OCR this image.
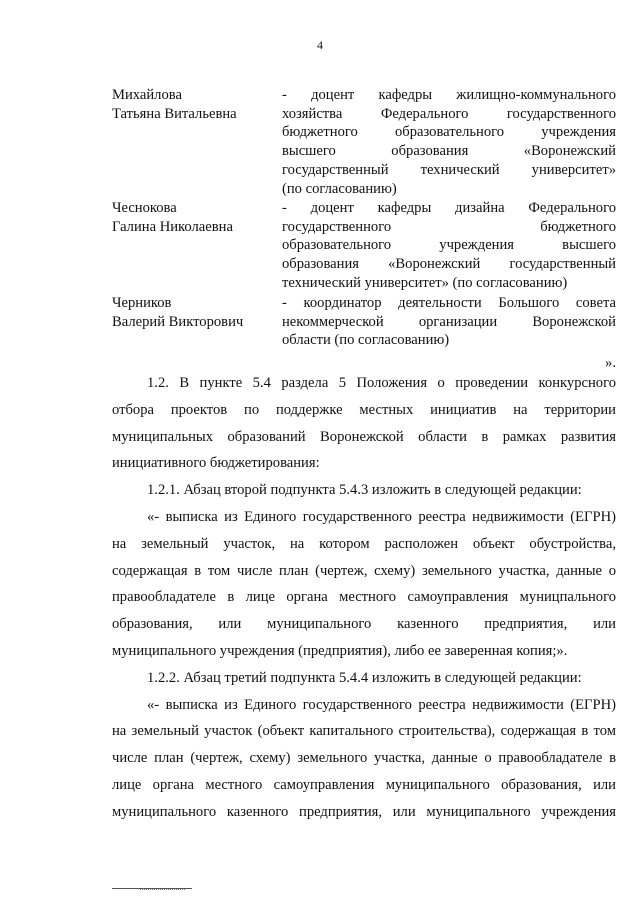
4
Михайлова
Татьяна Витальевна
- доцент кафедры жилищно-коммунального
хозяйства Федерального государственного
бюджетного образовательного учреждения
высшего образования «Воронежский
государственный технический университет»
(по согласованию)
Чеснокова
Галина Николаевна
- доцент кафедры дизайна Федерального
государственного бюджетного
образовательного учреждения высшего
образования «Воронежский государственный
технический университет» (по согласованию)
Черников
Валерий Викторович
- координатор деятельности Большого совета
некоммерческой организации Воронежской
области (по согласованию)
».

1.2. В пункте 5.4 раздела 5 Положения о проведении конкурсного
отбора проектов по поддержке местных инициатив на территории
муниципальных образований Воронежской области в рамках развития
инициативного бюджетирования:

1.2.1. Абзац второй подпункта 5.4.3 изложить в следующей редакции:

«- выписка из Единого государственного реестра недвижимости (ЕГРН)
на земельный участок, на котором расположен объект обустройства,
содержащая в том числе план (чертеж, схему) земельного участка, данные о
правообладателе в лице органа местного самоуправления муницпального
образования, или муниципального казенного предприятия, или
муниципального учреждения (предприятия), либо ее заверенная копия;».

1.2.2. Абзац третий подпункта 5.4.4 изложить в следующей редакции:

«- выписка из Единого государственного реестра недвижимости (ЕГРН)
на земельный участок (объект капитального строительства), содержащая в том
числе план (чертеж, схему) земельного участка, данные о правообладателе в
лице органа местного самоуправления муниципального образования, или
муниципального казенного предприятия, или муниципального учреждения
